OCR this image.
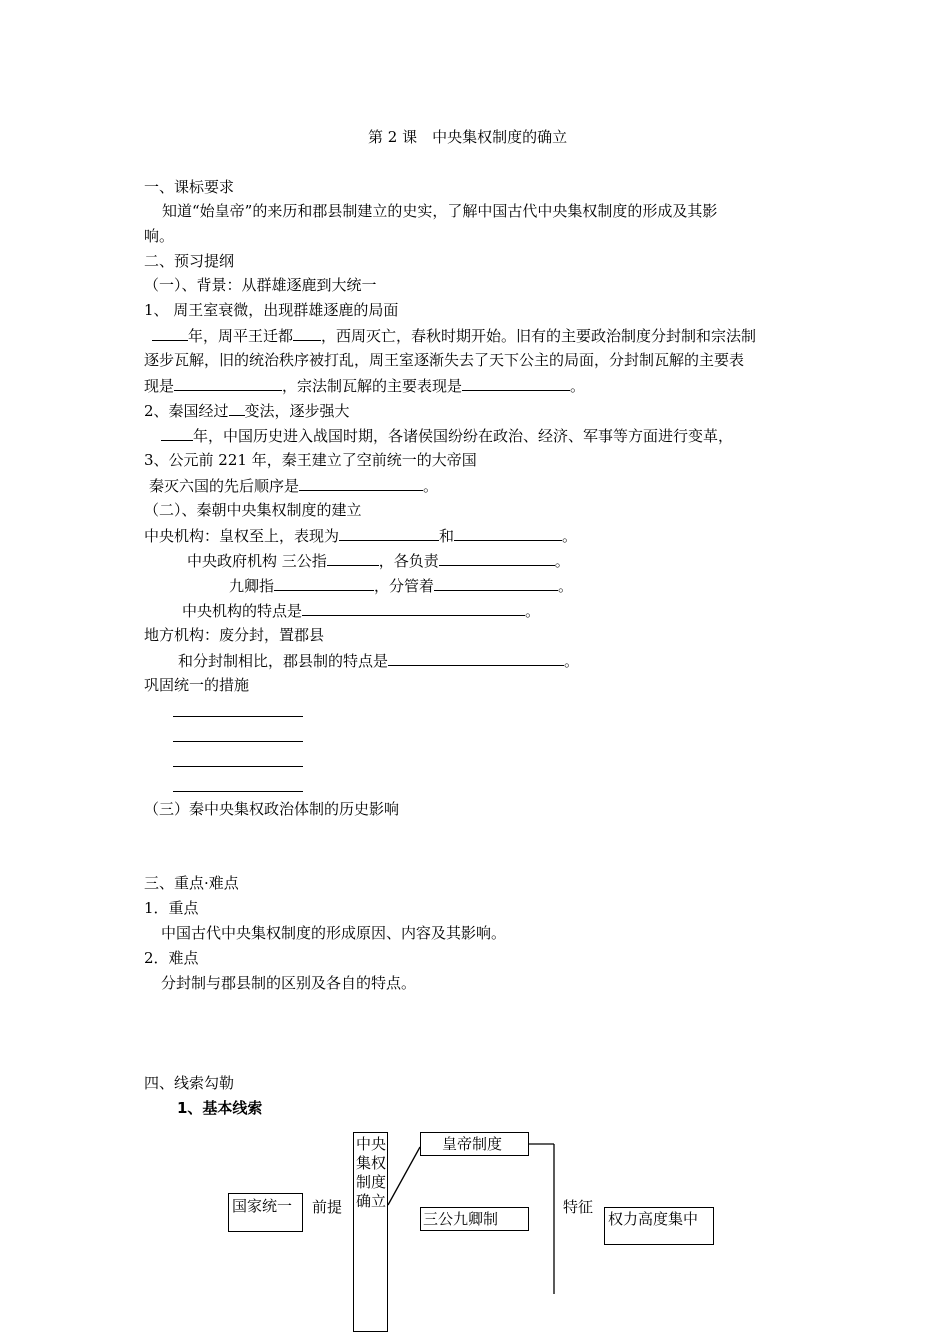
第 2 课　中央集权制度的确立
一、课标要求
知道“始皇帝”的来历和郡县制建立的史实，了解中国古代中央集权制度的形成及其影
响。
二、预习提纲
（一）、背景：从群雄逐鹿到大统一
1、 周王室衰微，出现群雄逐鹿的局面
年，周平王迁都 ，西周灭亡，春秋时期开始。旧有的主要政治制度分封制和宗法制
逐步瓦解，旧的统治秩序被打乱，周王室逐渐失去了天下公主的局面，分封制瓦解的主要表
现是	，宗法制瓦解的主要表现是	。
2、秦国经过 变法，逐步强大
年，中国历史进入战国时期，各诸侯国纷纷在政治、经济、军事等方面进行变革，
3、公元前 221 年，秦王建立了空前统一的大帝国
秦灭六国的先后顺序是	。
（二）、秦朝中央集权制度的建立
中央机构：皇权至上，表现为	和	。
中央政府机构 三公指	，各负责	。
九卿指	，分管着	。
中央机构的特点是	。
地方机构：废分封，置郡县
和分封制相比，郡县制的特点是	。
巩固统一的措施
（三）秦中央集权政治体制的历史影响
三、重点·难点
1．重点
中国古代中央集权制度的形成原因、内容及其影响。
2．难点
分封制与郡县制的区别及各自的特点。
四、线索勾勒
1、基本线索
国家统一 前提
中央集权制度确立
皇帝制度
三公九卿制
特征
权力高度集中
